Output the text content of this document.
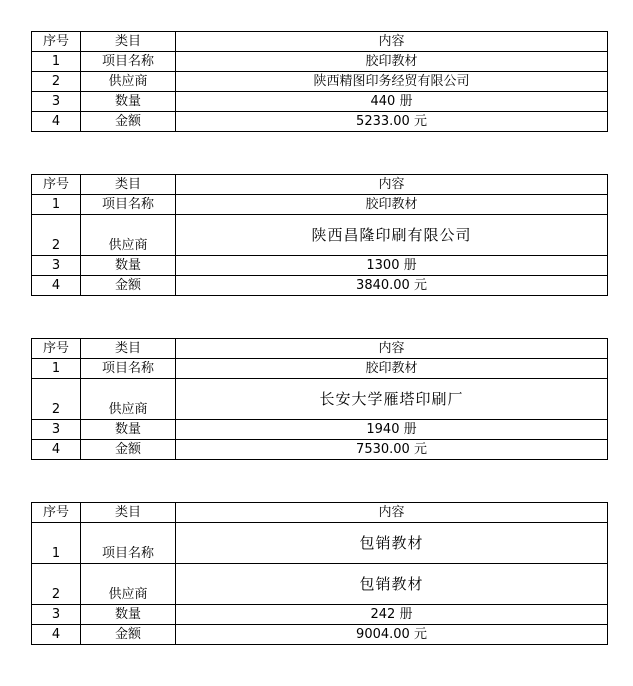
序号	类目	内容
1	项目名称	胶印教材
2	供应商	陕西精图印务经贸有限公司
3	数量	440 册
4	金额	5233.00 元
序号	类目	内容
1	项目名称	胶印教材
2	供应商	陕西昌隆印刷有限公司
3	数量	1300 册
4	金额	3840.00 元
序号	类目	内容
1	项目名称	胶印教材
2	供应商	长安大学雁塔印刷厂
3	数量	1940 册
4	金额	7530.00 元
序号	类目	内容
1	项目名称	包销教材
2	供应商	包销教材
3	数量	242 册
4	金额	9004.00 元
